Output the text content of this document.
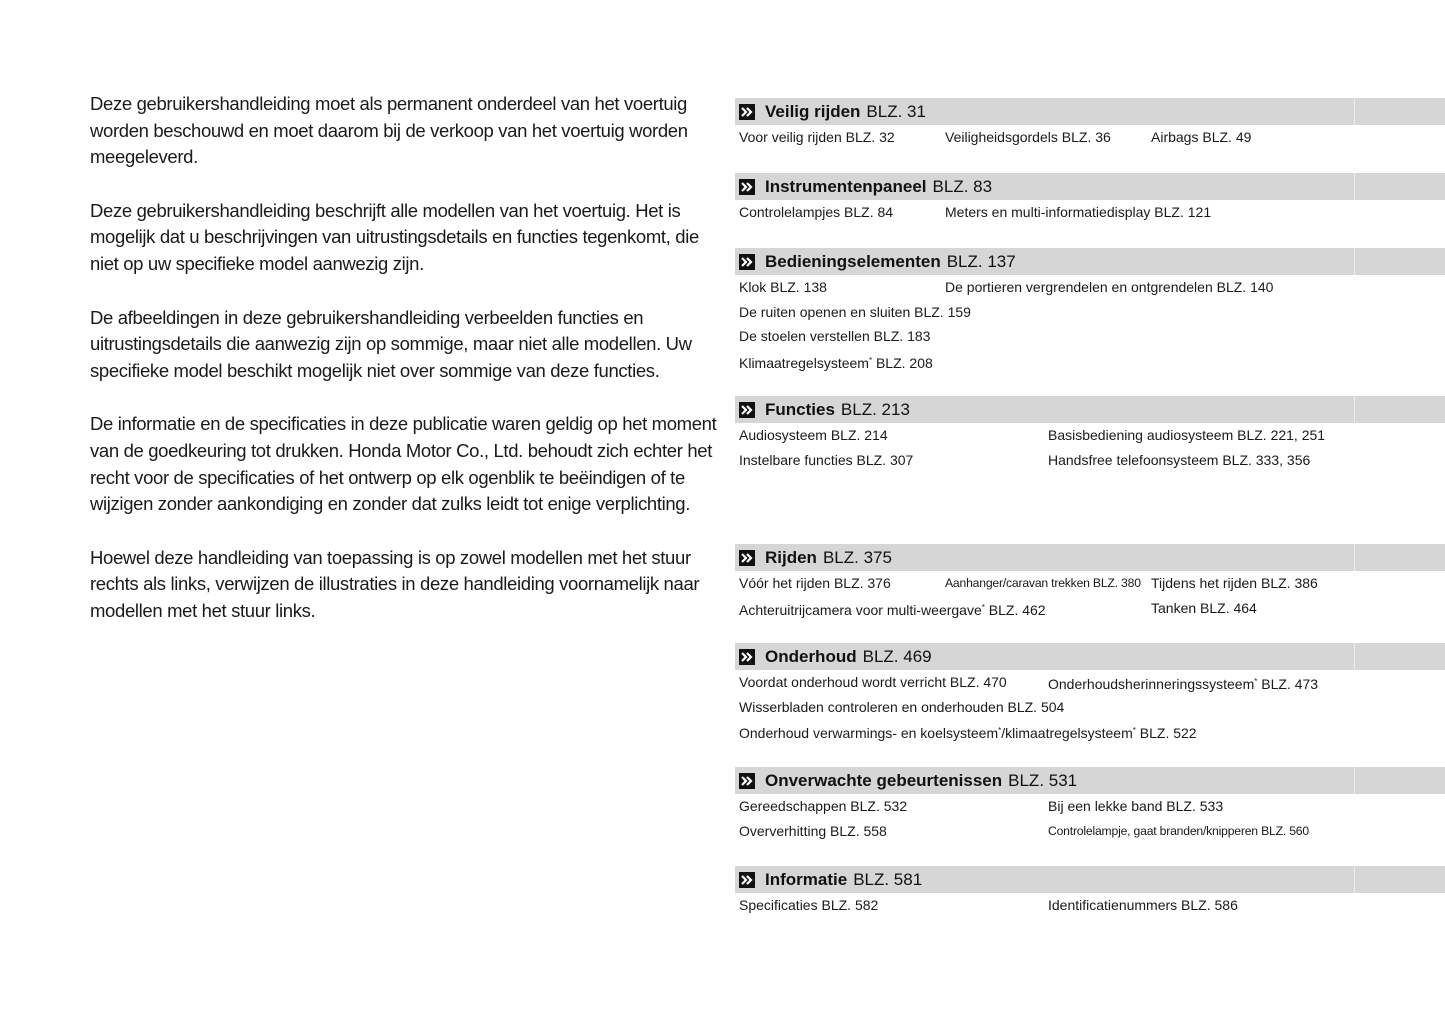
Deze gebruikershandleiding moet als permanent onderdeel van het voertuig worden beschouwd en moet daarom bij de verkoop van het voertuig worden meegeleverd.

Deze gebruikershandleiding beschrijft alle modellen van het voertuig. Het is mogelijk dat u beschrijvingen van uitrustingsdetails en functies tegenkomt, die niet op uw specifieke model aanwezig zijn.

De afbeeldingen in deze gebruikershandleiding verbeelden functies en uitrustingsdetails die aanwezig zijn op sommige, maar niet alle modellen. Uw specifieke model beschikt mogelijk niet over sommige van deze functies.

De informatie en de specificaties in deze publicatie waren geldig op het moment van de goedkeuring tot drukken. Honda Motor Co., Ltd. behoudt zich echter het recht voor de specificaties of het ontwerp op elk ogenblik te beëindigen of te wijzigen zonder aankondiging en zonder dat zulks leidt tot enige verplichting.

Hoewel deze handleiding van toepassing is op zowel modellen met het stuur rechts als links, verwijzen de illustraties in deze handleiding voornamelijk naar modellen met het stuur links.

Veilig rijden BLZ. 31
Voor veilig rijden BLZ. 32	Veiligheidsgordels BLZ. 36	Airbags BLZ. 49
Instrumentenpaneel BLZ. 83
Controlelampjes BLZ. 84	Meters en multi-informatiedisplay BLZ. 121
Bedieningselementen BLZ. 137
Klok BLZ. 138	De portieren vergrendelen en ontgrendelen BLZ. 140
De ruiten openen en sluiten BLZ. 159
De stoelen verstellen BLZ. 183
Klimaatregelsysteem* BLZ. 208
Functies BLZ. 213
Audiosysteem BLZ. 214	Basisbediening audiosysteem BLZ. 221, 251
Instelbare functies BLZ. 307	Handsfree telefoonsysteem BLZ. 333, 356
Rijden BLZ. 375
Vóór het rijden BLZ. 376	Aanhanger/caravan trekken BLZ. 380 Tijdens het rijden BLZ. 386
Achteruitrijcamera voor multi-weergave* BLZ. 462	Tanken BLZ. 464
Onderhoud BLZ. 469
Voordat onderhoud wordt verricht BLZ. 470	Onderhoudsherinneringssysteem* BLZ. 473
Wisserbladen controleren en onderhouden BLZ. 504
Onderhoud verwarmings- en koelsysteem*/klimaatregelsysteem* BLZ. 522
Onverwachte gebeurtenissen BLZ. 531
Gereedschappen BLZ. 532	Bij een lekke band BLZ. 533
Oververhitting BLZ. 558	Controlelampje, gaat branden/knipperen BLZ. 560
Informatie BLZ. 581
Specificaties BLZ. 582	Identificatienummers BLZ. 586
